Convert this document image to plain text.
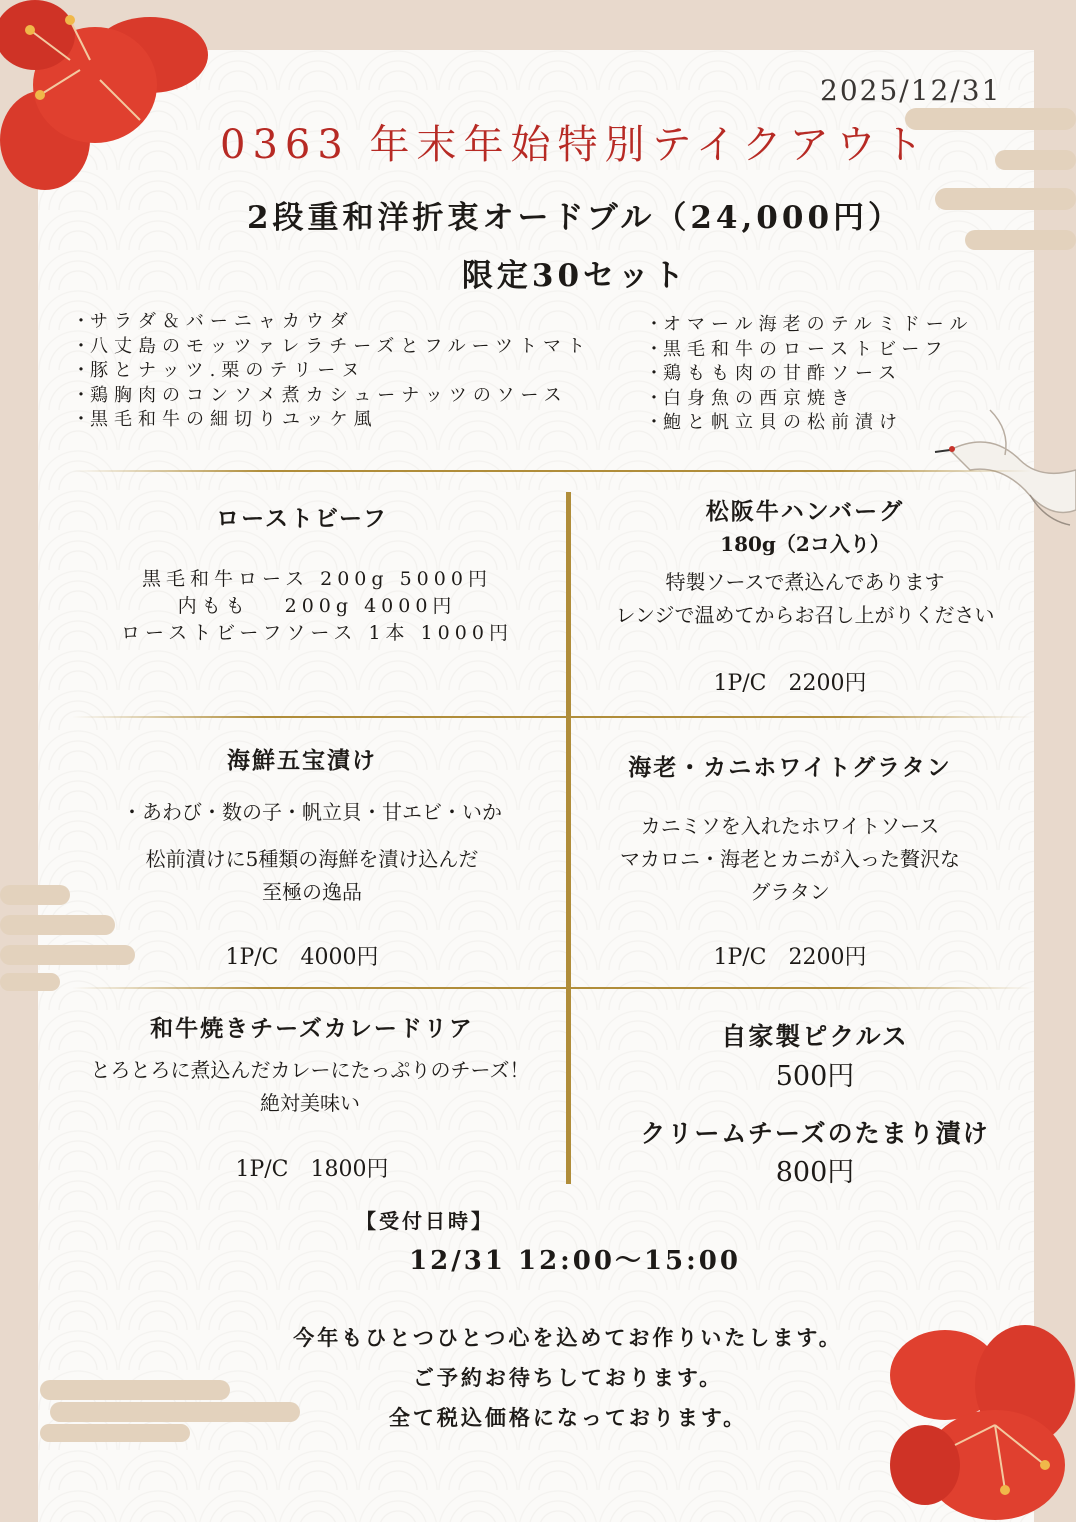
2025/12/31
0363 年末年始特別テイクアウト
2段重和洋折衷オードブル（24,000円）
限定30セット
・ サラダ＆バーニャカウダ
・ 八丈島のモッツァレラチーズとフルーツトマト
・ 豚とナッツ.栗のテリーヌ
・ 鶏胸肉のコンソメ煮カシューナッツのソース
・ 黒毛和牛の細切りユッケ風
・ オマール海老のテルミドール
・ 黒毛和牛のローストビーフ
・ 鶏もも肉の甘酢ソース
・ 白身魚の西京焼き
・ 鮑と帆立貝の松前漬け
ローストビーフ
黒毛和牛ロース 200g 5000円
内もも　 200g 4000円
ローストビーフソース 1本 1000円
松阪牛ハンバーグ
180g（2コ入り）
特製ソースで煮込んであります
レンジで温めてからお召し上がりください
1P/C　2200円
海鮮五宝漬け
・あわび・数の子・帆立貝・甘エビ・いか
松前漬けに5種類の海鮮を漬け込んだ
至極の逸品
1P/C　4000円
海老・カニホワイトグラタン
カニミソを入れたホワイトソース
マカロニ・海老とカニが入った贅沢な
グラタン
1P/C　2200円
和牛焼きチーズカレードリア
とろとろに煮込んだカレーにたっぷりのチーズ！
絶対美味い
1P/C　1800円
自家製ピクルス
500円
クリームチーズのたまり漬け
800円
【受付日時】
12/31 12:00～15:00
今年もひとつひとつ心を込めてお作りいたします。
ご予約お待ちしております。
全て税込価格になっております。
